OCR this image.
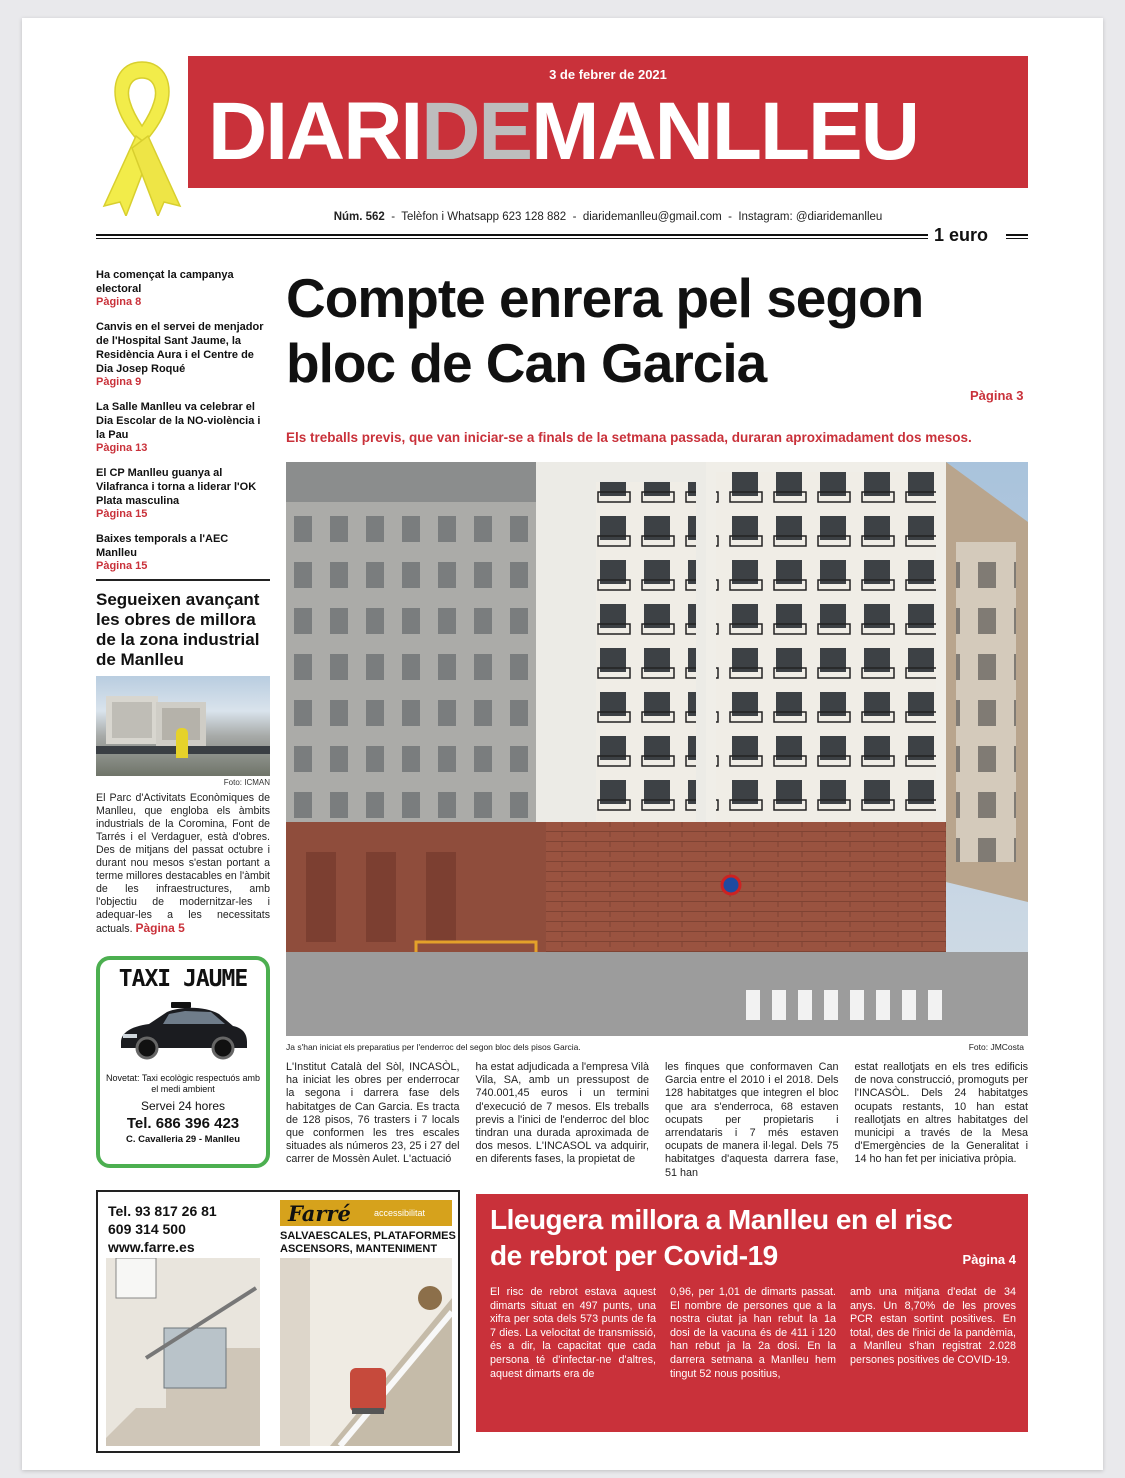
3 de febrer de 2021
DIARIDEMANLLEU
Núm. 562  -  Telèfon i Whatsapp 623 128 882  -  diaridemanlleu@gmail.com  -  Instagram: @diaridemanlleu
1 euro
Ha començat la campanya electoral
Pàgina 8
Canvis en el servei de menjador de l'Hospital Sant Jaume, la Residència Aura i el Centre de Dia Josep Roqué
Pàgina 9
La Salle Manlleu va celebrar el Dia Escolar de la NO-violència i la Pau
Pàgina 13
El CP Manlleu guanya al Vilafranca i torna a liderar l'OK Plata masculina
Pàgina 15
Baixes temporals a l'AEC Manlleu
Pàgina 15
Segueixen avançant les obres de millora de la zona industrial de Manlleu
Foto: ICMAN
El Parc d'Activitats Econòmiques de Manlleu, que engloba els àmbits industrials de la Coromina, Font de Tarrés i el Verdaguer, està d'obres. Des de mitjans del passat octubre i durant nou mesos s'estan portant a terme millores destacables en l'àmbit de les infraestructures, amb l'objectiu de modernitzar-les i adequar-les a les necessitats actuals. Pàgina 5
TAXI JAUME
Novetat: Taxi ecològic respectuós amb el medi ambient
Servei 24 hores
Tel. 686 396 423
C. Cavalleria 29 - Manlleu
Compte enrera pel segon bloc de Can Garcia
Pàgina 3
Els treballs previs, que van iniciar-se a finals de la setmana passada, duraran aproximadament dos mesos.
Ja s'han iniciat els preparatius per l'enderroc del segon bloc dels pisos Garcia.	Foto: JMCosta

L'Institut Català del Sòl, INCASÒL, ha iniciat les obres per enderrocar la segona i darrera fase dels habitatges de Can Garcia. Es tracta de 128 pisos, 76 trasters i 7 locals que conformen les tres escales situades als números 23, 25 i 27 del carrer de Mossèn Aulet. L'actuació

ha estat adjudicada a l'empresa Vilà Vila, SA, amb un pressupost de 740.001,45 euros i un termini d'execució de 7 mesos. Els treballs previs a l'inici de l'enderroc del bloc tindran una durada aproximada de dos mesos. L'INCASOL va adquirir, en diferents fases, la propietat de

les finques que conformaven Can Garcia entre el 2010 i el 2018. Dels 128 habitatges que integren el bloc que ara s'enderroca, 68 estaven ocupats per propietaris i arrendataris i 7 més estaven ocupats de manera il·legal. Dels 75 habitatges d'aquesta darrera fase, 51 han

estat reallotjats en els tres edificis de nova construcció, promoguts per l'INCASÒL. Dels 24 habitatges ocupats restants, 10 han estat reallotjats en altres habitatges del municipi a través de la Mesa d'Emergències de la Generalitat i 14 ho han fet per iniciativa pròpia.

Tel. 93 817 26 81
609 314 500
www.farre.es
Farré	accessibilitat
SALVAESCALES, PLATAFORMES ASCENSORS, MANTENIMENT
Lleugera millora a Manlleu en el risc de rebrot per Covid-19	Pàgina 4

El risc de rebrot estava aquest dimarts situat en 497 punts, una xifra per sota dels 573 punts de fa 7 dies. La velocitat de transmissió, és a dir, la capacitat que cada persona té d'infectar-ne d'altres, aquest dimarts era de

0,96, per 1,01 de dimarts passat. El nombre de persones que a la nostra ciutat ja han rebut la 1a dosi de la vacuna és de 411 i 120 han rebut ja la 2a dosi. En la darrera setmana a Manlleu hem tingut 52 nous positius,

amb una mitjana d'edat de 34 anys. Un 8,70% de les proves PCR estan sortint positives. En total, des de l'inici de la pandèmia, a Manlleu s'han registrat 2.028 persones positives de COVID-19.
